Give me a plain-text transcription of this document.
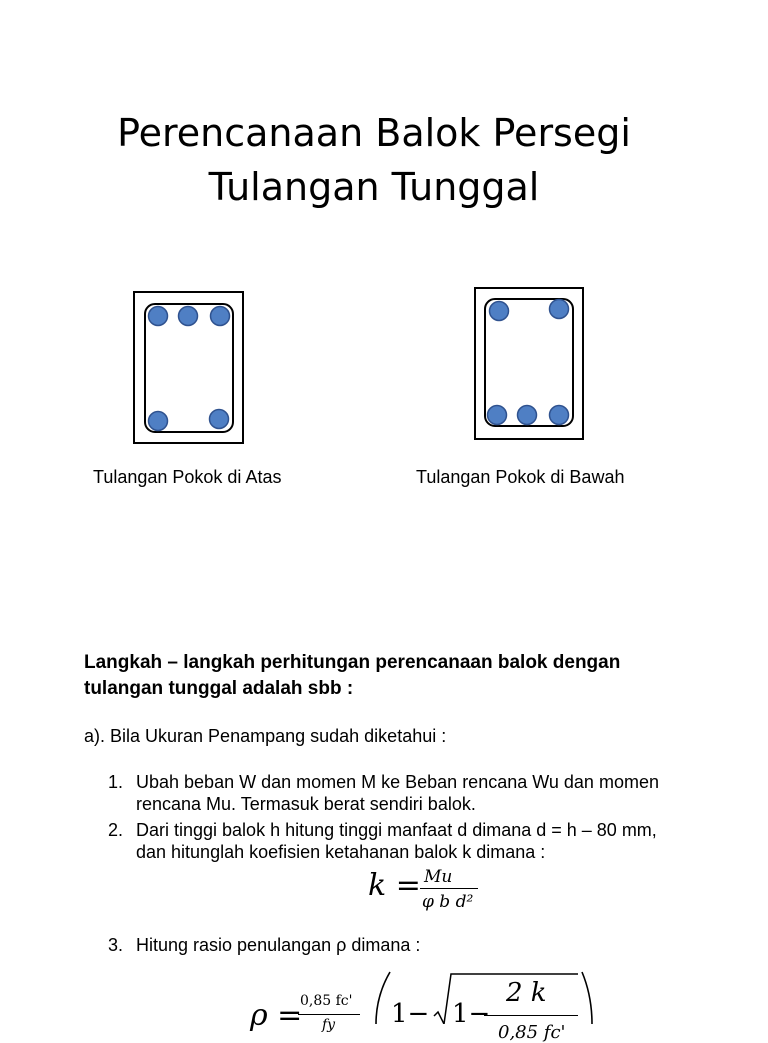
Perencanaan Balok Persegi
Tulangan Tunggal
Tulangan Pokok di Atas	Tulangan Pokok di Bawah
Langkah – langkah perhitungan perencanaan balok dengan
tulangan tunggal adalah sbb :
a). Bila Ukuran Penampang sudah diketahui :
1. Ubah beban W dan momen M ke Beban rencana Wu dan momen
rencana Mu. Termasuk berat sendiri balok.
2. Dari tinggi balok h hitung tinggi manfaat d dimana d = h – 80 mm,
dan hitunglah koefisien ketahanan balok k dimana :
k = Mu
φ b d²
3. Hitung rasio penulangan ρ dimana :
ρ =
0,85 fc'
fy 1− 1−
2 k
0,85 fc'
